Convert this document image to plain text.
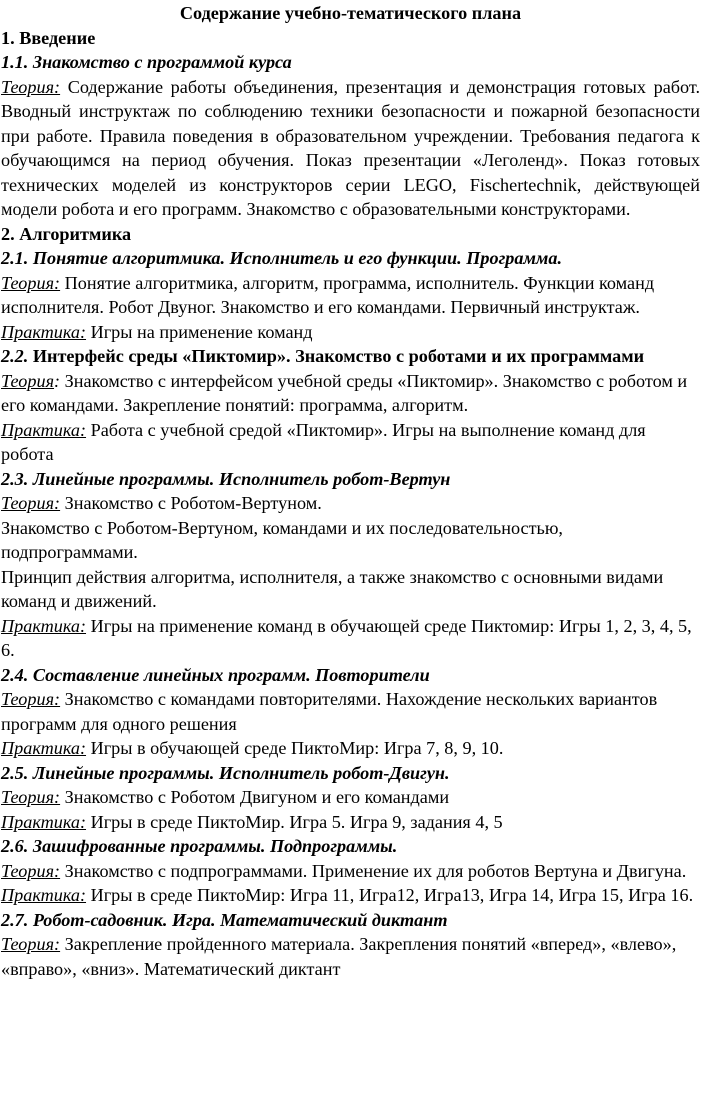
Содержание учебно-тематического плана
1. Введение
1.1. Знакомство с программой курса

Теория: Содержание работы объединения, презентация и демонстрация готовых работ. Вводный инструктаж по соблюдению техники безопасности и пожарной безопасности при работе. Правила поведения в образовательном учреждении. Требования педагога к обучающимся на период обучения. Показ презентации «Леголенд». Показ готовых технических моделей из конструкторов серии LEGO, Fischertechnik, действующей модели робота и его программ. Знакомство с образовательными конструкторами.

2. Алгоритмика
2.1. Понятие алгоритмика. Исполнитель и его функции. Программа.

Теория: Понятие алгоритмика, алгоритм, программа, исполнитель. Функции команд исполнителя. Робот Двуног. Знакомство и его командами. Первичный инструктаж.

Практика: Игры на применение команд

2.2. Интерфейс среды «Пиктомир». Знакомство с роботами и их программами

Теория: Знакомство с интерфейсом учебной среды «Пиктомир». Знакомство с роботом и его командами. Закрепление понятий: программа, алгоритм.

Практика: Работа с учебной средой «Пиктомир». Игры на выполнение команд для робота

2.3. Линейные программы. Исполнитель робот-Вертун

Теория: Знакомство с Роботом-Вертуном.

Знакомство с Роботом-Вертуном, командами и их последовательностью, подпрограммами.

Принцип действия алгоритма, исполнителя, а также знакомство с основными видами команд и движений.

Практика: Игры на применение команд в обучающей среде Пиктомир: Игры 1, 2, 3, 4, 5, 6.

2.4. Составление линейных программ. Повторители

Теория: Знакомство с командами повторителями. Нахождение нескольких вариантов программ для одного решения

Практика: Игры в обучающей среде ПиктоМир: Игра 7, 8, 9, 10.

2.5. Линейные программы. Исполнитель робот-Двигун.

Теория: Знакомство с Роботом Двигуном и его командами

Практика: Игры в среде ПиктоМир. Игра 5. Игра 9, задания 4, 5

2.6. Зашифрованные программы. Подпрограммы.

Теория: Знакомство с подпрограммами. Применение их для роботов Вертуна и Двигуна.

Практика: Игры в среде ПиктоМир: Игра 11, Игра12, Игра13, Игра 14, Игра 15, Игра 16.

2.7. Робот-садовник. Игра. Математический диктант

Теория: Закрепление пройденного материала. Закрепления понятий «вперед», «влево», «вправо», «вниз». Математический диктант
